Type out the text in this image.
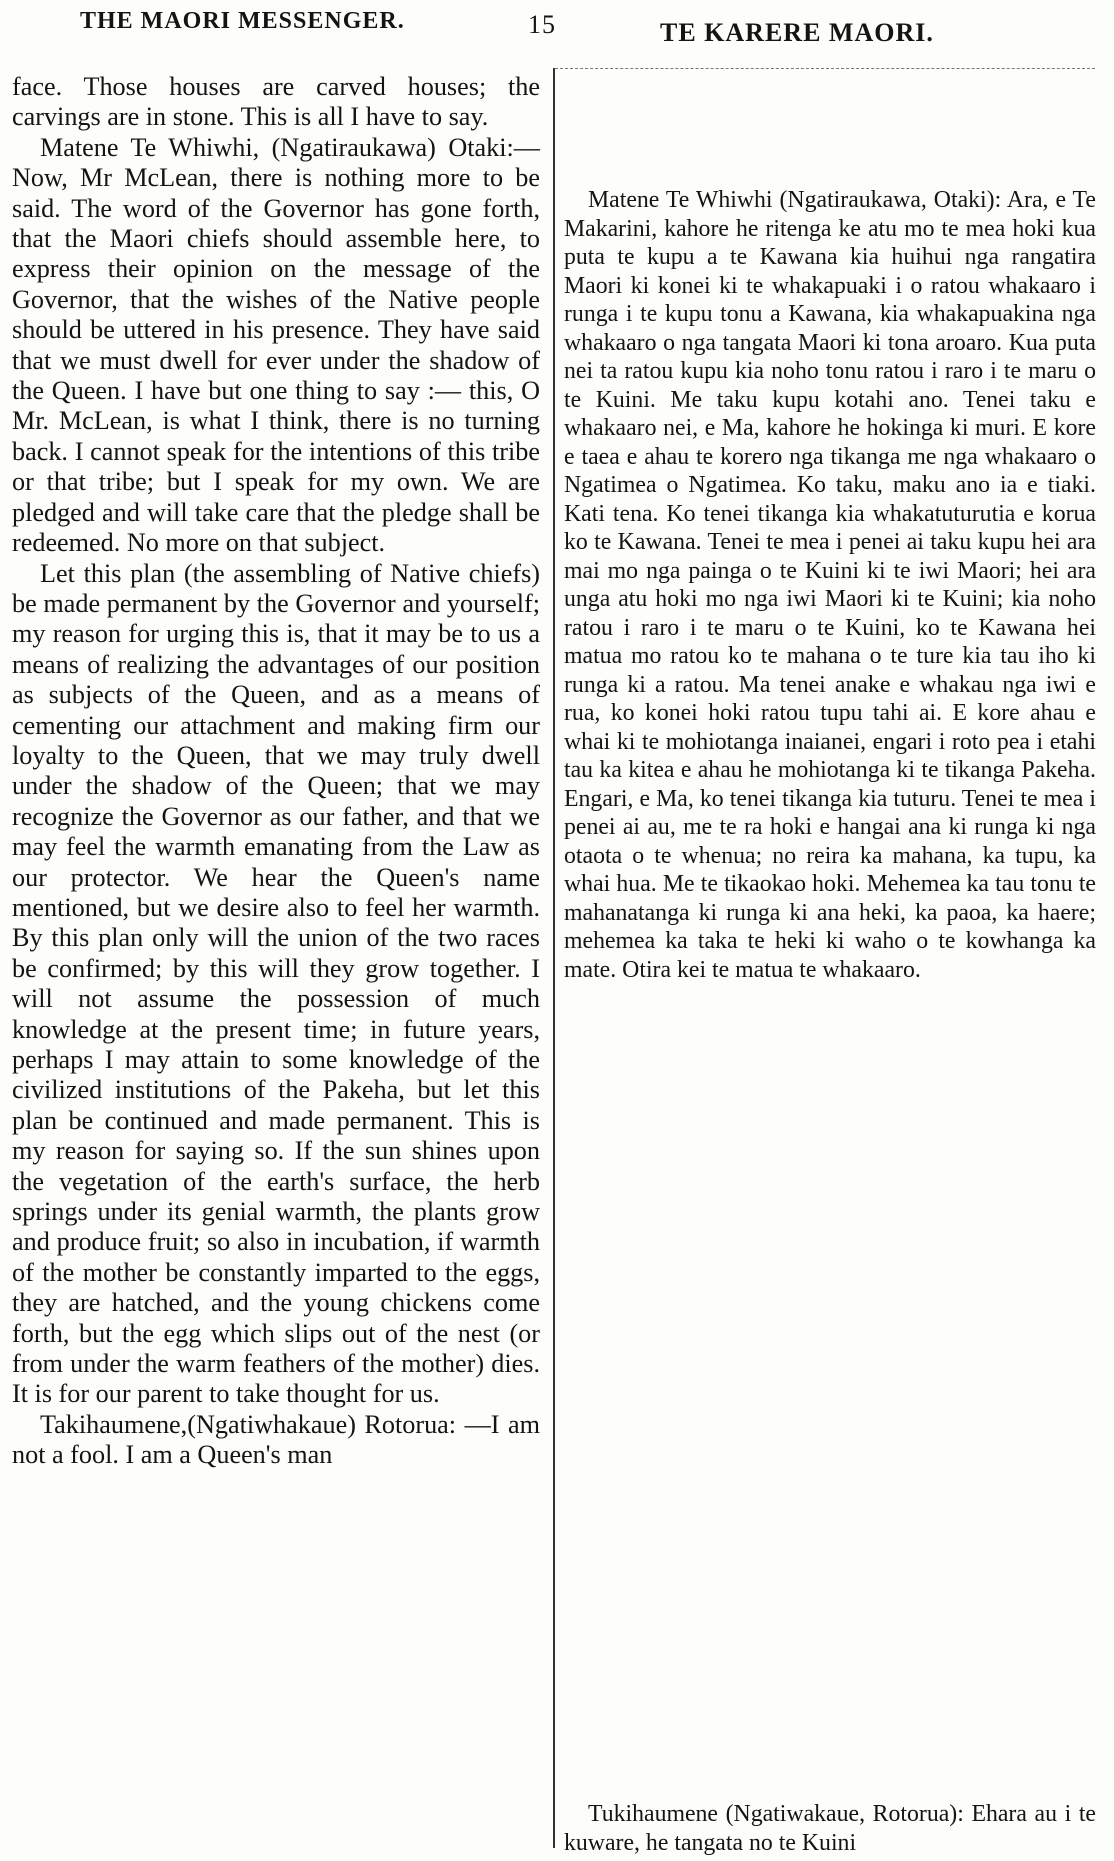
THE MAORI MESSENGER.	15	TE KARERE MAORI.

face. Those houses are carved houses; the carvings are in stone. This is all I have to say.

Matene Te Whiwhi, (Ngatiraukawa) Otaki:—Now, Mr McLean, there is nothing more to be said. The word of the Governor has gone forth, that the Maori chiefs should assemble here, to express their opinion on the message of the Governor, that the wishes of the Native people should be uttered in his presence. They have said that we must dwell for ever under the shadow of the Queen. I have but one thing to say :— this, O Mr. McLean, is what I think, there is no turning back. I cannot speak for the intentions of this tribe or that tribe; but I speak for my own. We are pledged and will take care that the pledge shall be redeemed. No more on that subject.

Let this plan (the assembling of Native chiefs) be made permanent by the Governor and yourself; my reason for urging this is, that it may be to us a means of realizing the advantages of our position as subjects of the Queen, and as a means of cementing our attachment and making firm our loyalty to the Queen, that we may truly dwell under the shadow of the Queen; that we may recognize the Governor as our father, and that we may feel the warmth emanating from the Law as our protector. We hear the Queen's name mentioned, but we desire also to feel her warmth. By this plan only will the union of the two races be confirmed; by this will they grow together. I will not assume the possession of much knowledge at the present time; in future years, perhaps I may attain to some knowledge of the civilized institutions of the Pakeha, but let this plan be continued and made permanent. This is my reason for saying so. If the sun shines upon the vegetation of the earth's surface, the herb springs under its genial warmth, the plants grow and produce fruit; so also in incubation, if warmth of the mother be constantly imparted to the eggs, they are hatched, and the young chickens come forth, but the egg which slips out of the nest (or from under the warm feathers of the mother) dies. It is for our parent to take thought for us.

Takihaumene,(Ngatiwhakaue) Rotorua: —I am not a fool. I am a Queen's man

Matene Te Whiwhi (Ngatiraukawa, Otaki): Ara, e Te Makarini, kahore he ritenga ke atu mo te mea hoki kua puta te kupu a te Kawana kia huihui nga rangatira Maori ki konei ki te whakapuaki i o ratou whakaaro i runga i te kupu tonu a Kawana, kia whakapuakina nga whakaaro o nga tangata Maori ki tona aroaro. Kua puta nei ta ratou kupu kia noho tonu ratou i raro i te maru o te Kuini. Me taku kupu kotahi ano. Tenei taku e whakaaro nei, e Ma, kahore he hokinga ki muri. E kore e taea e ahau te korero nga tikanga me nga whakaaro o Ngatimea o Ngatimea. Ko taku, maku ano ia e tiaki. Kati tena. Ko tenei tikanga kia whakatuturutia e koruа ko te Kawana. Tenei te mea i penei ai taku kupu hei ara mai mo nga painga o te Kuini ki te iwi Maori; hei ara unga atu hoki mo nga iwi Maori ki te Kuini; kia noho ratou i raro i te maru o te Kuini, ko te Kawana hei matua mo ratou ko te mahana o te ture kia tau iho ki runga ki a ratou. Ma tenei anake e whakau nga iwi e rua, ko konei hoki ratou tupu tahi ai. E kore ahau e whai ki te mohiotanga inaianei, engari i roto pea i etahi tau ka kitea e ahau he mohiotanga ki te tikanga Pakeha. Engari, e Ma, ko tenei tikanga kia tuturu. Tenei te mea i penei ai au, me te ra hoki e hangai ana ki runga ki nga otaota o te whenua; no reira ka mahana, ka tupu, ka whai hua. Me te tikaokao hoki. Mehemea ka tau tonu te mahanatanga ki runga ki ana heki, ka paoa, ka haere; mehemea ka taka te heki ki waho o te kowhanga ka mate. Otira kei te matua te whakaaro.

Tukihaumene (Ngatiwakaue, Rotorua): Ehara au i te kuware, he tangata no te Kuini
